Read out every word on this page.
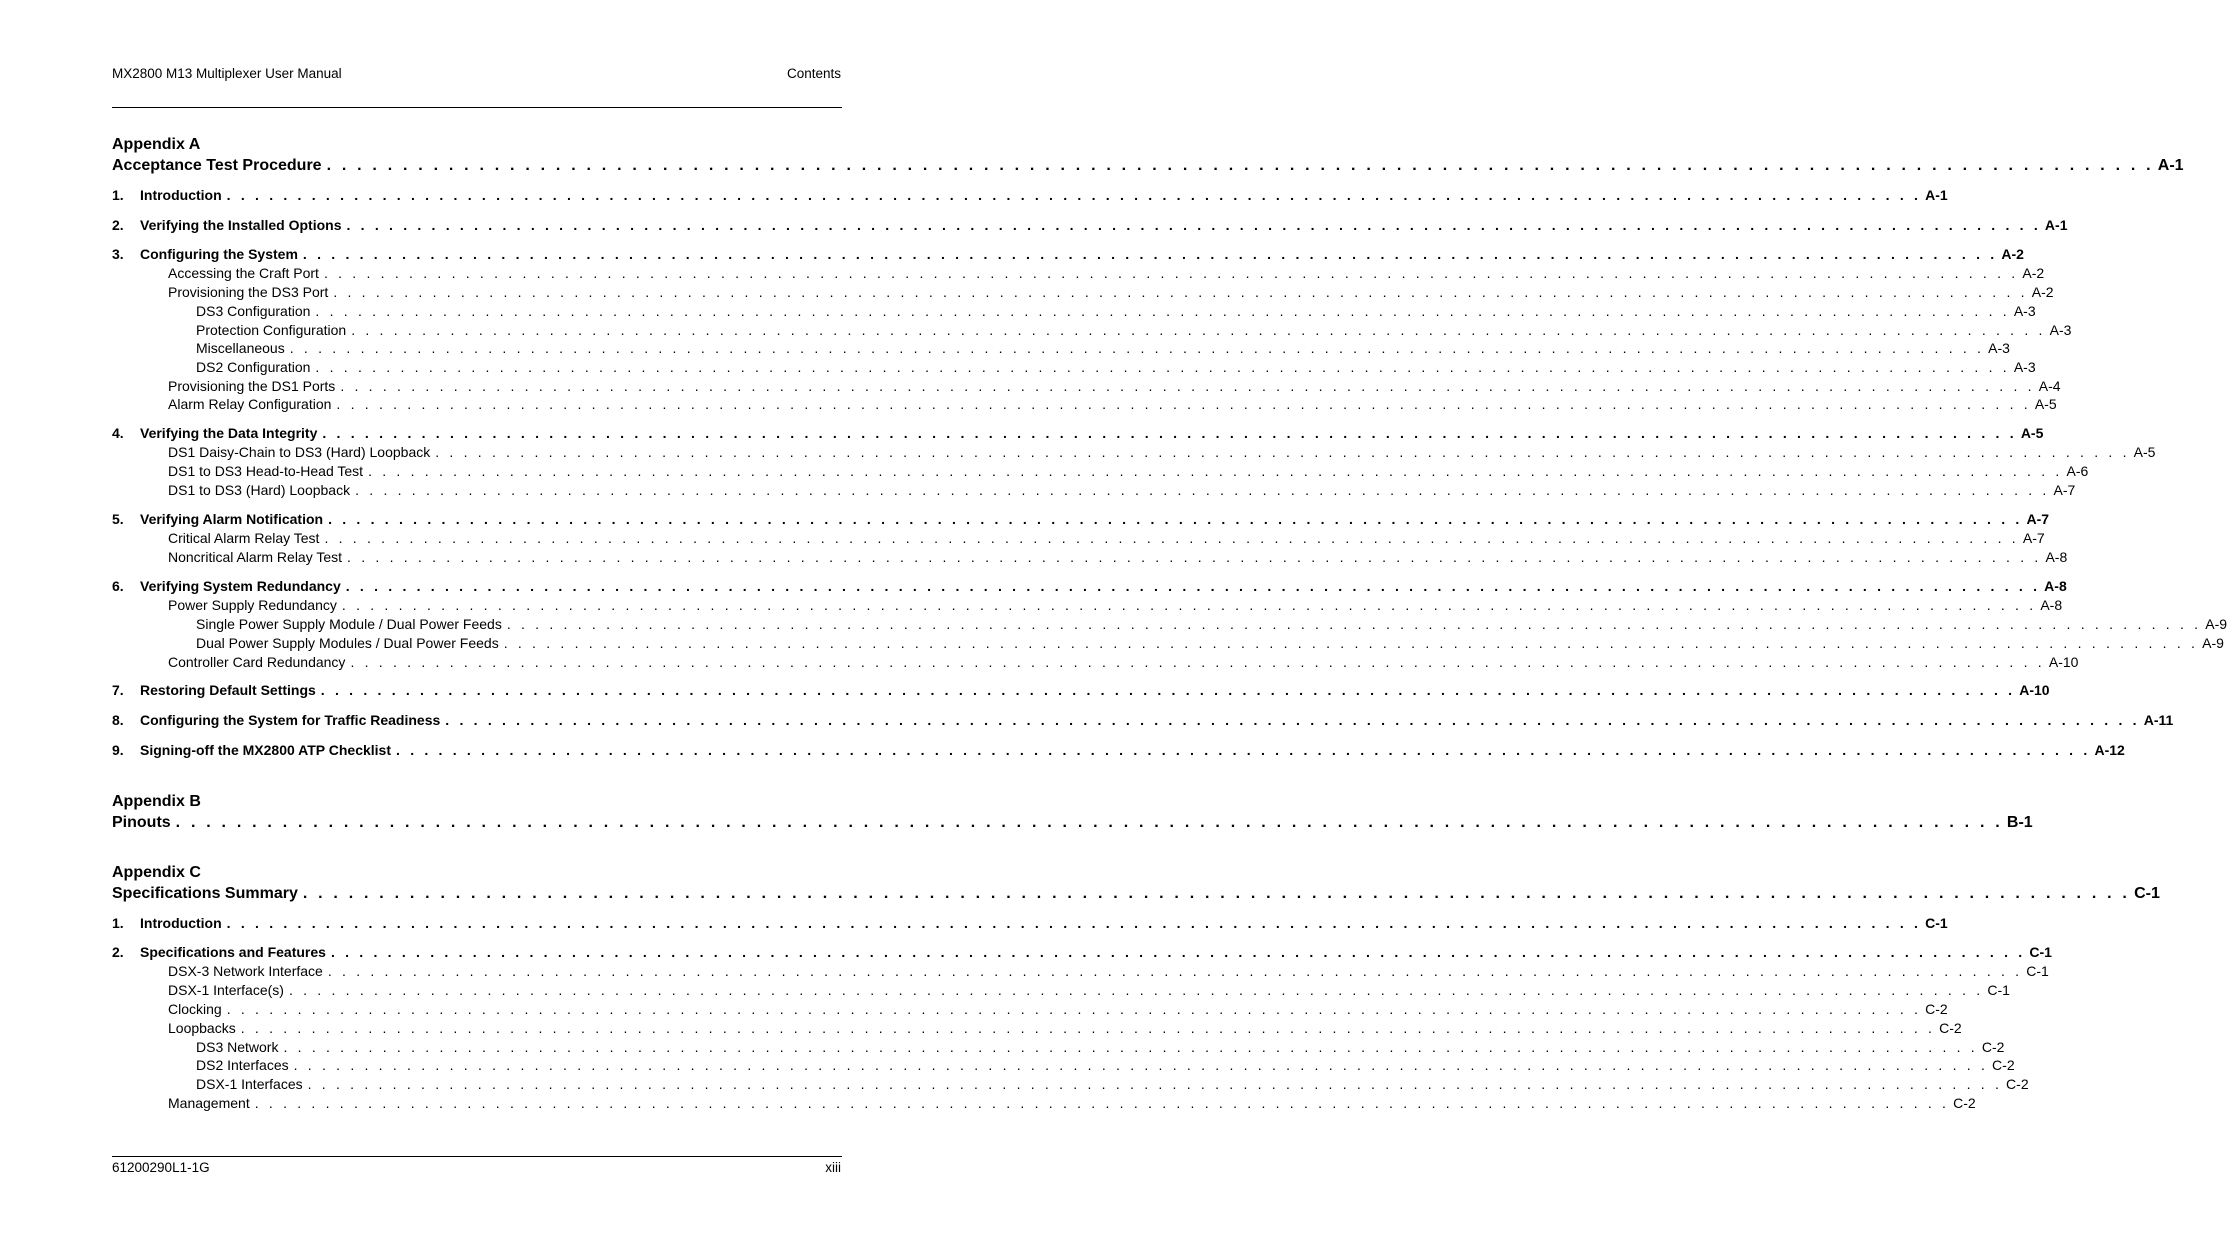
MX2800 M13 Multiplexer User Manual	Contents
Appendix A
Acceptance Test Procedure . . . . . . . . . . . . . . . . . . . . . . . . . . . . . . . . . . . . . . . . . . . . . . . . . . . . . . . . . . . . . . . . . . . . . . . . . . . . . . . . . . . . . . . . . . . . . . . . . . . . . . . . . . . . . . . . . . . . . . . . A-1
1.	Introduction . . . . . . . . . . . . . . . . . . . . . . . . . . . . . . . . . . . . . . . . . . . . . . . . . . . . . . . . . . . . . . . . . . . . . . . . . . . . . . . . . . . . . . . . . . . . . . . . . . . . . . . . . . . . . . . . . . . . . . . . A-1
2.	Verifying the Installed Options . . . . . . . . . . . . . . . . . . . . . . . . . . . . . . . . . . . . . . . . . . . . . . . . . . . . . . . . . . . . . . . . . . . . . . . . . . . . . . . . . . . . . . . . . . . . . . . . . . . . . . . . . . . . . . . . . . . . . . . . A-1
3.	Configuring the System . . . . . . . . . . . . . . . . . . . . . . . . . . . . . . . . . . . . . . . . . . . . . . . . . . . . . . . . . . . . . . . . . . . . . . . . . . . . . . . . . . . . . . . . . . . . . . . . . . . . . . . . . . . . . . . . . . . . . . . . A-2
Accessing the Craft Port . . . . . . . . . . . . . . . . . . . . . . . . . . . . . . . . . . . . . . . . . . . . . . . . . . . . . . . . . . . . . . . . . . . . . . . . . . . . . . . . . . . . . . . . . . . . . . . . . . . . . . . . . . . . . . . . . . . . . . . . A-2
Provisioning the DS3 Port . . . . . . . . . . . . . . . . . . . . . . . . . . . . . . . . . . . . . . . . . . . . . . . . . . . . . . . . . . . . . . . . . . . . . . . . . . . . . . . . . . . . . . . . . . . . . . . . . . . . . . . . . . . . . . . . . . . . . . . . A-2
DS3 Configuration . . . . . . . . . . . . . . . . . . . . . . . . . . . . . . . . . . . . . . . . . . . . . . . . . . . . . . . . . . . . . . . . . . . . . . . . . . . . . . . . . . . . . . . . . . . . . . . . . . . . . . . . . . . . . . . . . . . . . . . . A-3
Protection Configuration . . . . . . . . . . . . . . . . . . . . . . . . . . . . . . . . . . . . . . . . . . . . . . . . . . . . . . . . . . . . . . . . . . . . . . . . . . . . . . . . . . . . . . . . . . . . . . . . . . . . . . . . . . . . . . . . . . . . . . . . A-3
Miscellaneous . . . . . . . . . . . . . . . . . . . . . . . . . . . . . . . . . . . . . . . . . . . . . . . . . . . . . . . . . . . . . . . . . . . . . . . . . . . . . . . . . . . . . . . . . . . . . . . . . . . . . . . . . . . . . . . . . . . . . . . . A-3
DS2 Configuration . . . . . . . . . . . . . . . . . . . . . . . . . . . . . . . . . . . . . . . . . . . . . . . . . . . . . . . . . . . . . . . . . . . . . . . . . . . . . . . . . . . . . . . . . . . . . . . . . . . . . . . . . . . . . . . . . . . . . . . . A-3
Provisioning the DS1 Ports . . . . . . . . . . . . . . . . . . . . . . . . . . . . . . . . . . . . . . . . . . . . . . . . . . . . . . . . . . . . . . . . . . . . . . . . . . . . . . . . . . . . . . . . . . . . . . . . . . . . . . . . . . . . . . . . . . . . . . . . A-4
Alarm Relay Configuration . . . . . . . . . . . . . . . . . . . . . . . . . . . . . . . . . . . . . . . . . . . . . . . . . . . . . . . . . . . . . . . . . . . . . . . . . . . . . . . . . . . . . . . . . . . . . . . . . . . . . . . . . . . . . . . . . . . . . . . . A-5
4.	Verifying the Data Integrity . . . . . . . . . . . . . . . . . . . . . . . . . . . . . . . . . . . . . . . . . . . . . . . . . . . . . . . . . . . . . . . . . . . . . . . . . . . . . . . . . . . . . . . . . . . . . . . . . . . . . . . . . . . . . . . . . . . . . . . . A-5
DS1 Daisy-Chain to DS3 (Hard) Loopback . . . . . . . . . . . . . . . . . . . . . . . . . . . . . . . . . . . . . . . . . . . . . . . . . . . . . . . . . . . . . . . . . . . . . . . . . . . . . . . . . . . . . . . . . . . . . . . . . . . . . . . . . . . . . . . . . . . . . . . . A-5
DS1 to DS3 Head-to-Head Test . . . . . . . . . . . . . . . . . . . . . . . . . . . . . . . . . . . . . . . . . . . . . . . . . . . . . . . . . . . . . . . . . . . . . . . . . . . . . . . . . . . . . . . . . . . . . . . . . . . . . . . . . . . . . . . . . . . . . . . . A-6
DS1 to DS3 (Hard) Loopback . . . . . . . . . . . . . . . . . . . . . . . . . . . . . . . . . . . . . . . . . . . . . . . . . . . . . . . . . . . . . . . . . . . . . . . . . . . . . . . . . . . . . . . . . . . . . . . . . . . . . . . . . . . . . . . . . . . . . . . . A-7
5.	Verifying Alarm Notification . . . . . . . . . . . . . . . . . . . . . . . . . . . . . . . . . . . . . . . . . . . . . . . . . . . . . . . . . . . . . . . . . . . . . . . . . . . . . . . . . . . . . . . . . . . . . . . . . . . . . . . . . . . . . . . . . . . . . . . . A-7
Critical Alarm Relay Test . . . . . . . . . . . . . . . . . . . . . . . . . . . . . . . . . . . . . . . . . . . . . . . . . . . . . . . . . . . . . . . . . . . . . . . . . . . . . . . . . . . . . . . . . . . . . . . . . . . . . . . . . . . . . . . . . . . . . . . . A-7
Noncritical Alarm Relay Test . . . . . . . . . . . . . . . . . . . . . . . . . . . . . . . . . . . . . . . . . . . . . . . . . . . . . . . . . . . . . . . . . . . . . . . . . . . . . . . . . . . . . . . . . . . . . . . . . . . . . . . . . . . . . . . . . . . . . . . . A-8
6.	Verifying System Redundancy . . . . . . . . . . . . . . . . . . . . . . . . . . . . . . . . . . . . . . . . . . . . . . . . . . . . . . . . . . . . . . . . . . . . . . . . . . . . . . . . . . . . . . . . . . . . . . . . . . . . . . . . . . . . . . . . . . . . . . . . A-8
Power Supply Redundancy . . . . . . . . . . . . . . . . . . . . . . . . . . . . . . . . . . . . . . . . . . . . . . . . . . . . . . . . . . . . . . . . . . . . . . . . . . . . . . . . . . . . . . . . . . . . . . . . . . . . . . . . . . . . . . . . . . . . . . . . A-8
Single Power Supply Module / Dual Power Feeds . . . . . . . . . . . . . . . . . . . . . . . . . . . . . . . . . . . . . . . . . . . . . . . . . . . . . . . . . . . . . . . . . . . . . . . . . . . . . . . . . . . . . . . . . . . . . . . . . . . . . . . . . . . . . . . . . . . . . . . . A-9
Dual Power Supply Modules / Dual Power Feeds . . . . . . . . . . . . . . . . . . . . . . . . . . . . . . . . . . . . . . . . . . . . . . . . . . . . . . . . . . . . . . . . . . . . . . . . . . . . . . . . . . . . . . . . . . . . . . . . . . . . . . . . . . . . . . . . . . . . . . . . A-9
Controller Card Redundancy . . . . . . . . . . . . . . . . . . . . . . . . . . . . . . . . . . . . . . . . . . . . . . . . . . . . . . . . . . . . . . . . . . . . . . . . . . . . . . . . . . . . . . . . . . . . . . . . . . . . . . . . . . . . . . . . . . . . . . . . A-10
7.	Restoring Default Settings . . . . . . . . . . . . . . . . . . . . . . . . . . . . . . . . . . . . . . . . . . . . . . . . . . . . . . . . . . . . . . . . . . . . . . . . . . . . . . . . . . . . . . . . . . . . . . . . . . . . . . . . . . . . . . . . . . . . . . . . A-10
8.	Configuring the System for Traffic Readiness . . . . . . . . . . . . . . . . . . . . . . . . . . . . . . . . . . . . . . . . . . . . . . . . . . . . . . . . . . . . . . . . . . . . . . . . . . . . . . . . . . . . . . . . . . . . . . . . . . . . . . . . . . . . . . . . . . . . . . . . A-11
9.	Signing-off the MX2800 ATP Checklist . . . . . . . . . . . . . . . . . . . . . . . . . . . . . . . . . . . . . . . . . . . . . . . . . . . . . . . . . . . . . . . . . . . . . . . . . . . . . . . . . . . . . . . . . . . . . . . . . . . . . . . . . . . . . . . . . . . . . . . . A-12
Appendix B
Pinouts . . . . . . . . . . . . . . . . . . . . . . . . . . . . . . . . . . . . . . . . . . . . . . . . . . . . . . . . . . . . . . . . . . . . . . . . . . . . . . . . . . . . . . . . . . . . . . . . . . . . . . . . . . . . . . . . . . . . . . . . B-1
Appendix C
Specifications Summary . . . . . . . . . . . . . . . . . . . . . . . . . . . . . . . . . . . . . . . . . . . . . . . . . . . . . . . . . . . . . . . . . . . . . . . . . . . . . . . . . . . . . . . . . . . . . . . . . . . . . . . . . . . . . . . . . . . . . . . . C-1
1.	Introduction . . . . . . . . . . . . . . . . . . . . . . . . . . . . . . . . . . . . . . . . . . . . . . . . . . . . . . . . . . . . . . . . . . . . . . . . . . . . . . . . . . . . . . . . . . . . . . . . . . . . . . . . . . . . . . . . . . . . . . . . C-1
2.	Specifications and Features . . . . . . . . . . . . . . . . . . . . . . . . . . . . . . . . . . . . . . . . . . . . . . . . . . . . . . . . . . . . . . . . . . . . . . . . . . . . . . . . . . . . . . . . . . . . . . . . . . . . . . . . . . . . . . . . . . . . . . . . C-1
DSX-3 Network Interface . . . . . . . . . . . . . . . . . . . . . . . . . . . . . . . . . . . . . . . . . . . . . . . . . . . . . . . . . . . . . . . . . . . . . . . . . . . . . . . . . . . . . . . . . . . . . . . . . . . . . . . . . . . . . . . . . . . . . . . . C-1
DSX-1 Interface(s) . . . . . . . . . . . . . . . . . . . . . . . . . . . . . . . . . . . . . . . . . . . . . . . . . . . . . . . . . . . . . . . . . . . . . . . . . . . . . . . . . . . . . . . . . . . . . . . . . . . . . . . . . . . . . . . . . . . . . . . . C-1
Clocking . . . . . . . . . . . . . . . . . . . . . . . . . . . . . . . . . . . . . . . . . . . . . . . . . . . . . . . . . . . . . . . . . . . . . . . . . . . . . . . . . . . . . . . . . . . . . . . . . . . . . . . . . . . . . . . . . . . . . . . . C-2
Loopbacks . . . . . . . . . . . . . . . . . . . . . . . . . . . . . . . . . . . . . . . . . . . . . . . . . . . . . . . . . . . . . . . . . . . . . . . . . . . . . . . . . . . . . . . . . . . . . . . . . . . . . . . . . . . . . . . . . . . . . . . . C-2
DS3 Network . . . . . . . . . . . . . . . . . . . . . . . . . . . . . . . . . . . . . . . . . . . . . . . . . . . . . . . . . . . . . . . . . . . . . . . . . . . . . . . . . . . . . . . . . . . . . . . . . . . . . . . . . . . . . . . . . . . . . . . . C-2
DS2 Interfaces . . . . . . . . . . . . . . . . . . . . . . . . . . . . . . . . . . . . . . . . . . . . . . . . . . . . . . . . . . . . . . . . . . . . . . . . . . . . . . . . . . . . . . . . . . . . . . . . . . . . . . . . . . . . . . . . . . . . . . . . C-2
DSX-1 Interfaces . . . . . . . . . . . . . . . . . . . . . . . . . . . . . . . . . . . . . . . . . . . . . . . . . . . . . . . . . . . . . . . . . . . . . . . . . . . . . . . . . . . . . . . . . . . . . . . . . . . . . . . . . . . . . . . . . . . . . . . . C-2
Management . . . . . . . . . . . . . . . . . . . . . . . . . . . . . . . . . . . . . . . . . . . . . . . . . . . . . . . . . . . . . . . . . . . . . . . . . . . . . . . . . . . . . . . . . . . . . . . . . . . . . . . . . . . . . . . . . . . . . . . . C-2
61200290L1-1G	xiii
